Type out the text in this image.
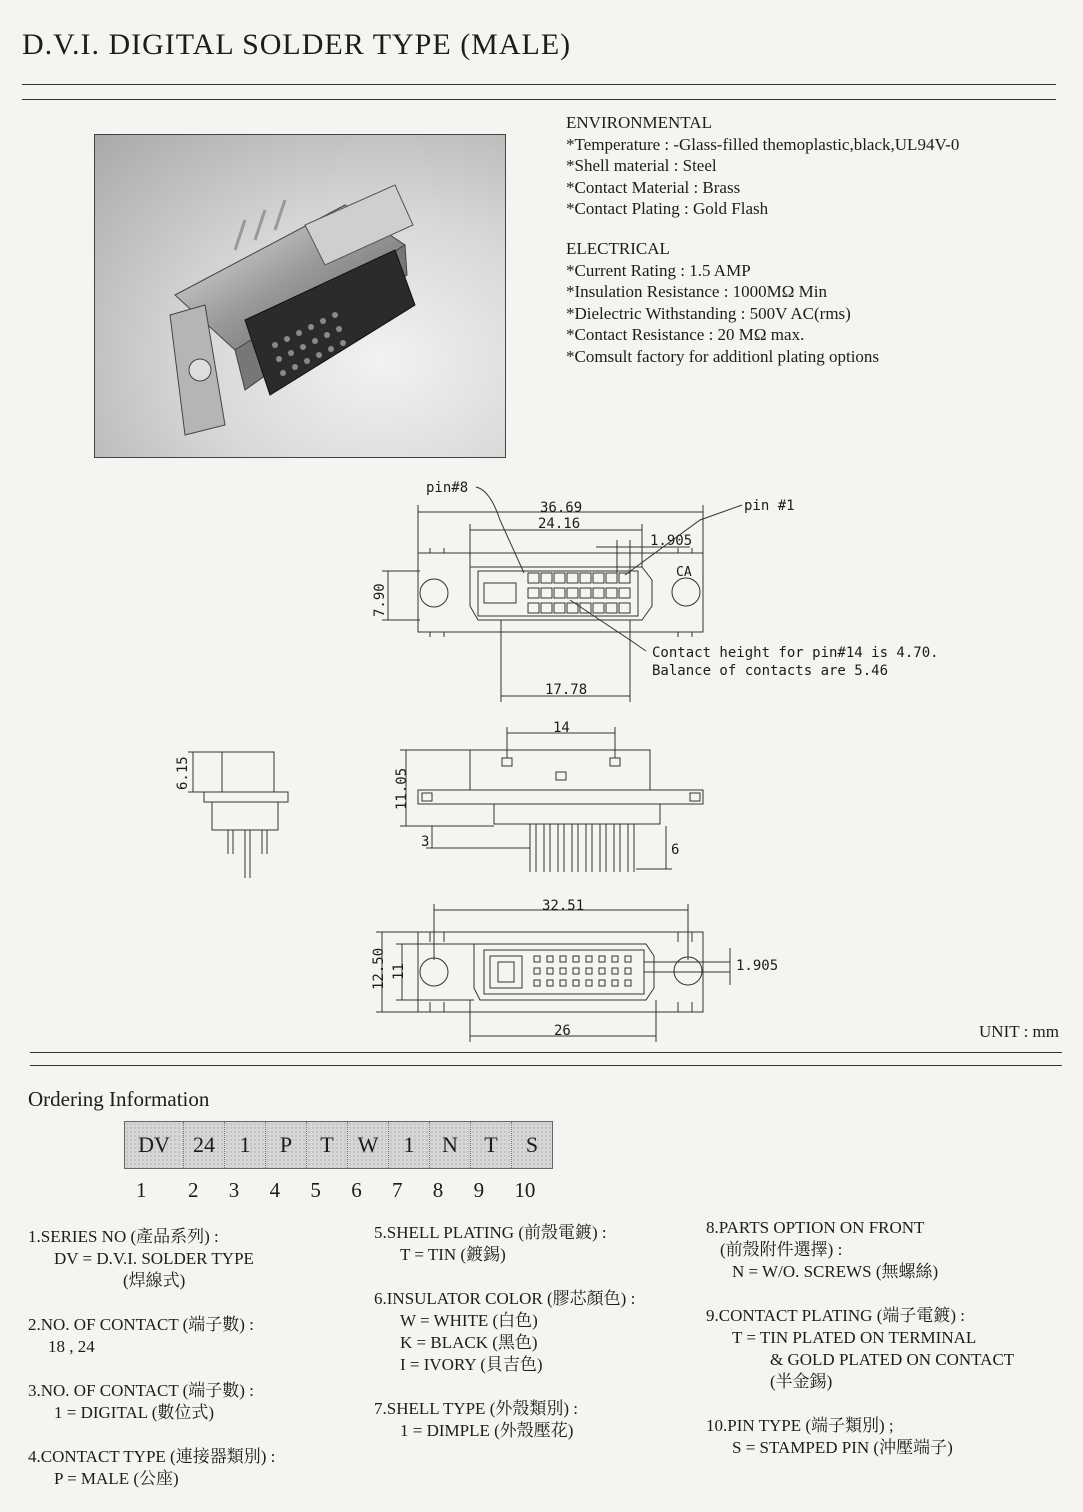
D.V.I. DIGITAL SOLDER TYPE (MALE)
ENVIRONMENTAL
*Temperature : -Glass-filled themoplastic,black,UL94V-0
*Shell material : Steel
*Contact Material : Brass
*Contact Plating : Gold Flash
ELECTRICAL
*Current Rating : 1.5 AMP
*Insulation Resistance : 1000MΩ Min
*Dielectric Withstanding : 500V AC(rms)
*Contact Resistance : 20 MΩ max.
*Comsult factory for additionl plating options
pin#8
pin #1
36.69
24.16
1.905
CA
7.90
Contact height for pin#14 is 4.70.
Balance of contacts are 5.46
17.78
6.15
14
11.05
3	6
32.51
12.50 11	1.905
26	UNIT : mm
Ordering Information
DV	24	1	P	T	W	1	N	T	S
1	2	3	4	5	6	7	8	9	10
1.SERIES NO (產品系列) :
DV = D.V.I. SOLDER TYPE
(焊線式)
2.NO. OF CONTACT (端子數) :
18 , 24
3.NO. OF CONTACT (端子數) :
1 = DIGITAL (數位式)
4.CONTACT TYPE (連接器類別) :
P = MALE (公座)
5.SHELL PLATING (前殼電鍍) :
T = TIN (鍍錫)
6.INSULATOR COLOR (膠芯顏色) :
W = WHITE (白色)
K = BLACK (黑色)
I = IVORY (貝吉色)
7.SHELL TYPE (外殼類別) :
1 = DIMPLE (外殼壓花)
8.PARTS OPTION ON FRONT
(前殼附件選擇) :
N = W/O. SCREWS (無螺絲)
9.CONTACT PLATING (端子電鍍) :
T = TIN PLATED ON TERMINAL
& GOLD PLATED ON CONTACT
(半金錫)
10.PIN TYPE (端子類別) ;
S = STAMPED PIN (沖壓端子)
